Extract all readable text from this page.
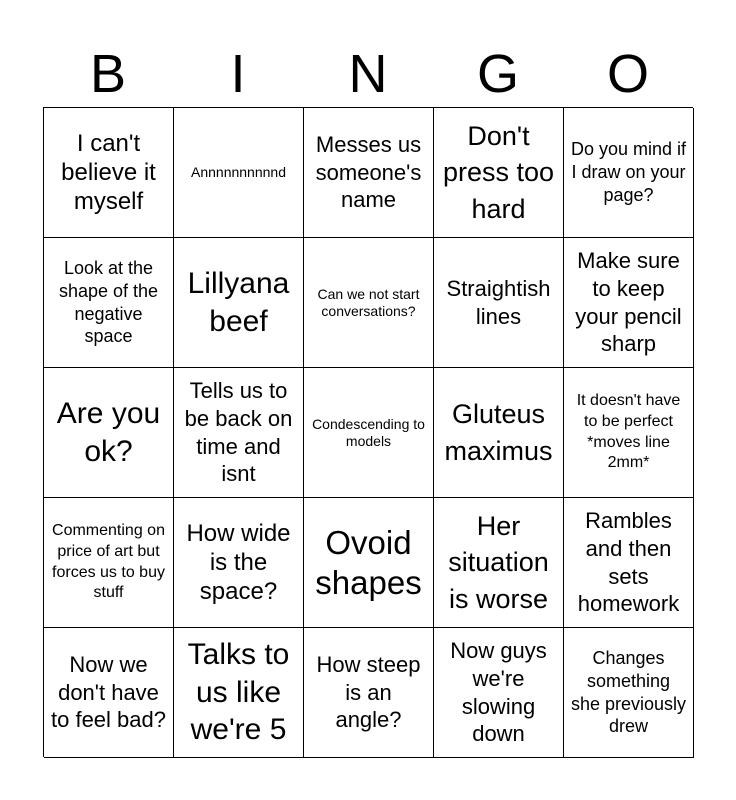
B	I	N	G	O
I can't believe it myself
Annnnnnnnnnd
Messes us someone's name
Don't press too hard
Do you mind if I draw on your page?
Look at the shape of the negative space
Lillyana beef
Can we not start conversations?
Straightish lines
Make sure to keep your pencil sharp
Are you ok?
Tells us to be back on time and isnt
Condescending to models
Gluteus maximus
It doesn't have to be perfect *moves line 2mm*
Commenting on price of art but forces us to buy stuff
How wide is the space?
Ovoid shapes
Her situation is worse
Rambles and then sets homework
Now we don't have to feel bad?
Talks to us like we're 5
How steep is an angle?
Now guys we're slowing down
Changes something she previously drew
